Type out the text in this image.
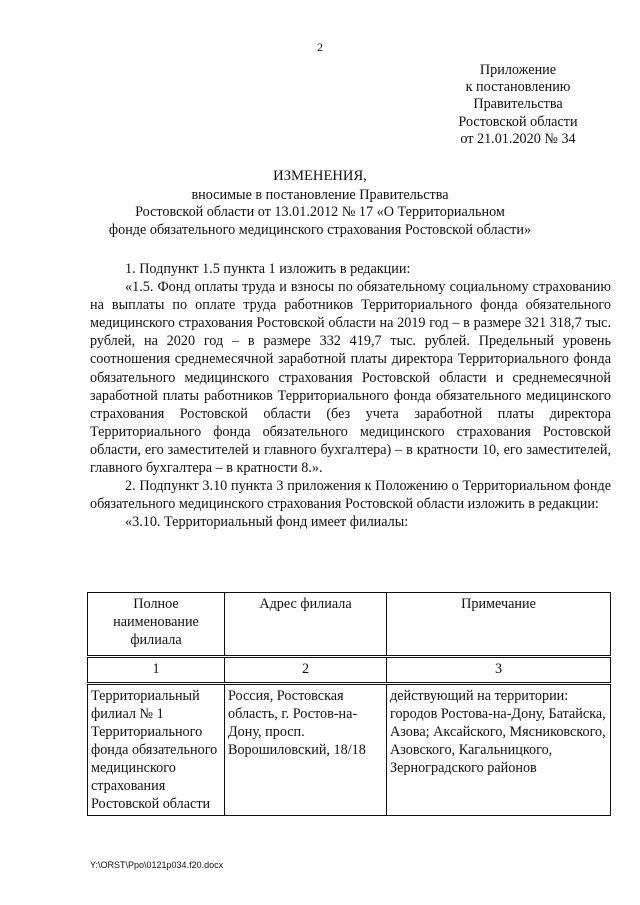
2
Приложение
к постановлению
Правительства
Ростовской области
от 21.01.2020 № 34
ИЗМЕНЕНИЯ,
вносимые в постановление Правительства
Ростовской области от 13.01.2012 № 17 «О Территориальном
фонде обязательного медицинского страхования Ростовской области»

1. Подпункт 1.5 пункта 1 изложить в редакции:

«1.5. Фонд оплаты труда и взносы по обязательному социальному страхованию на выплаты по оплате труда работников Территориального фонда обязательного медицинского страхования Ростовской области на 2019 год – в размере 321 318,7 тыс. рублей, на 2020 год – в размере 332 419,7 тыс. рублей. Предельный уровень соотношения среднемесячной заработной платы директора Территориального фонда обязательного медицинского страхования Ростовской области и среднемесячной заработной платы работников Территориального фонда обязательного медицинского страхования Ростовской области (без учета заработной платы директора Территориального фонда обязательного медицинского страхования Ростовской области, его заместителей и главного бухгалтера) – в кратности 10, его заместителей, главного бухгалтера – в кратности 8.».

2. Подпункт 3.10 пункта 3 приложения к Положению о Территориальном фонде обязательного медицинского страхования Ростовской области изложить в редакции:

«3.10. Территориальный фонд имеет филиалы:

Полное наименование филиала	Адрес филиала	Примечание
1	2	3
Территориальный филиал № 1 Территориального фонда обязательного медицинского страхования Ростовской области	Россия, Ростовская область, г. Ростов-на-Дону, просп. Ворошиловский, 18/18	действующий на территории: городов Ростова-на-Дону, Батайска, Азова; Аксайского, Мясниковского, Азовского, Кагальницкого, Зерноградского районов
Y:\ORST\Ppo\0121p034.f20.docx
